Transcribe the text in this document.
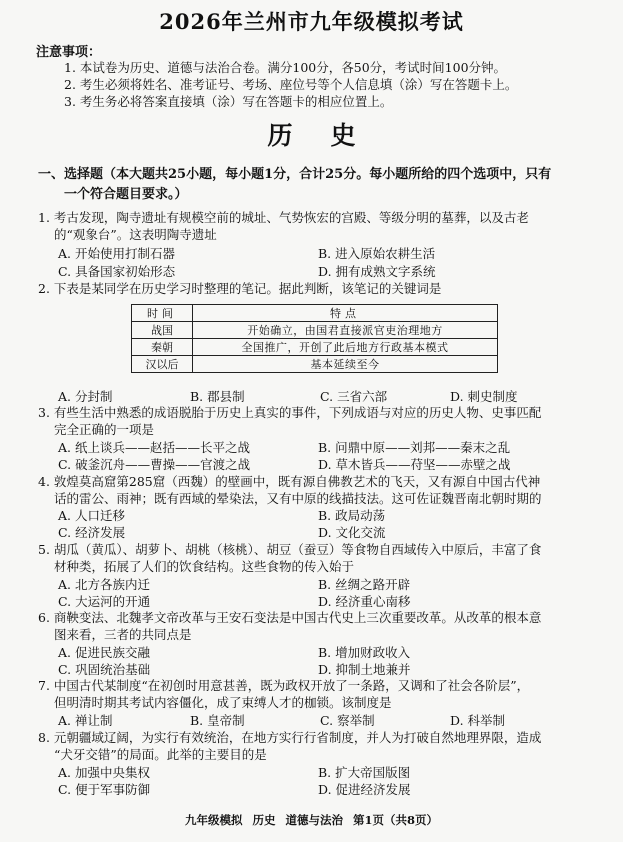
2026年兰州市九年级模拟考试
注意事项：
1. 本试卷为历史、道德与法治合卷。满分100分，各50分，考试时间100分钟。
2. 考生必须将姓名、准考证号、考场、座位号等个人信息填（涂）写在答题卡上。
3. 考生务必将答案直接填（涂）写在答题卡的相应位置上。
历史
一、选择题（本大题共25小题，每小题1分，合计25分。每小题所给的四个选项中，只有
一个符合题目要求。）
1. 考古发现，陶寺遗址有规模空前的城址、气势恢宏的宫殿、等级分明的墓葬，以及古老
的“观象台”。这表明陶寺遗址
A. 开始使用打制石器	B. 进入原始农耕生活
C. 具备国家初始形态	D. 拥有成熟文字系统
2. 下表是某同学在历史学习时整理的笔记。据此判断，该笔记的关键词是
时间	特点
战国	开始确立，由国君直接派官吏治理地方
秦朝	全国推广，开创了此后地方行政基本模式
汉以后	基本延续至今
A. 分封制	B. 郡县制	C. 三省六部	D. 刺史制度
3. 有些生活中熟悉的成语脱胎于历史上真实的事件，下列成语与对应的历史人物、史事匹配
完全正确的一项是
A. 纸上谈兵——赵括——长平之战	B. 问鼎中原——刘邦——秦末之乱
C. 破釜沉舟——曹操——官渡之战	D. 草木皆兵——苻坚——赤壁之战
4. 敦煌莫高窟第285窟（西魏）的壁画中，既有源自佛教艺术的飞天，又有源自中国古代神
话的雷公、雨神；既有西域的晕染法，又有中原的线描技法。这可佐证魏晋南北朝时期的
A. 人口迁移	B. 政局动荡
C. 经济发展	D. 文化交流
5. 胡瓜（黄瓜）、胡萝卜、胡桃（核桃）、胡豆（蚕豆）等食物自西域传入中原后，丰富了食
材种类，拓展了人们的饮食结构。这些食物的传入始于
A. 北方各族内迁	B. 丝绸之路开辟
C. 大运河的开通	D. 经济重心南移
6. 商鞅变法、北魏孝文帝改革与王安石变法是中国古代史上三次重要改革。从改革的根本意
图来看，三者的共同点是
A. 促进民族交融	B. 增加财政收入
C. 巩固统治基础	D. 抑制土地兼并
7. 中国古代某制度“在初创时用意甚善，既为政权开放了一条路，又调和了社会各阶层”，
但明清时期其考试内容僵化，成了束缚人才的枷锁。该制度是
A. 禅让制	B. 皇帝制	C. 察举制	D. 科举制
8. 元朝疆域辽阔，为实行有效统治，在地方实行行省制度，并人为打破自然地理界限，造成
“犬牙交错”的局面。此举的主要目的是
A. 加强中央集权	B. 扩大帝国版图
C. 便于军事防御	D. 促进经济发展
九年级模拟 历史 道德与法治 第1页（共8页）
